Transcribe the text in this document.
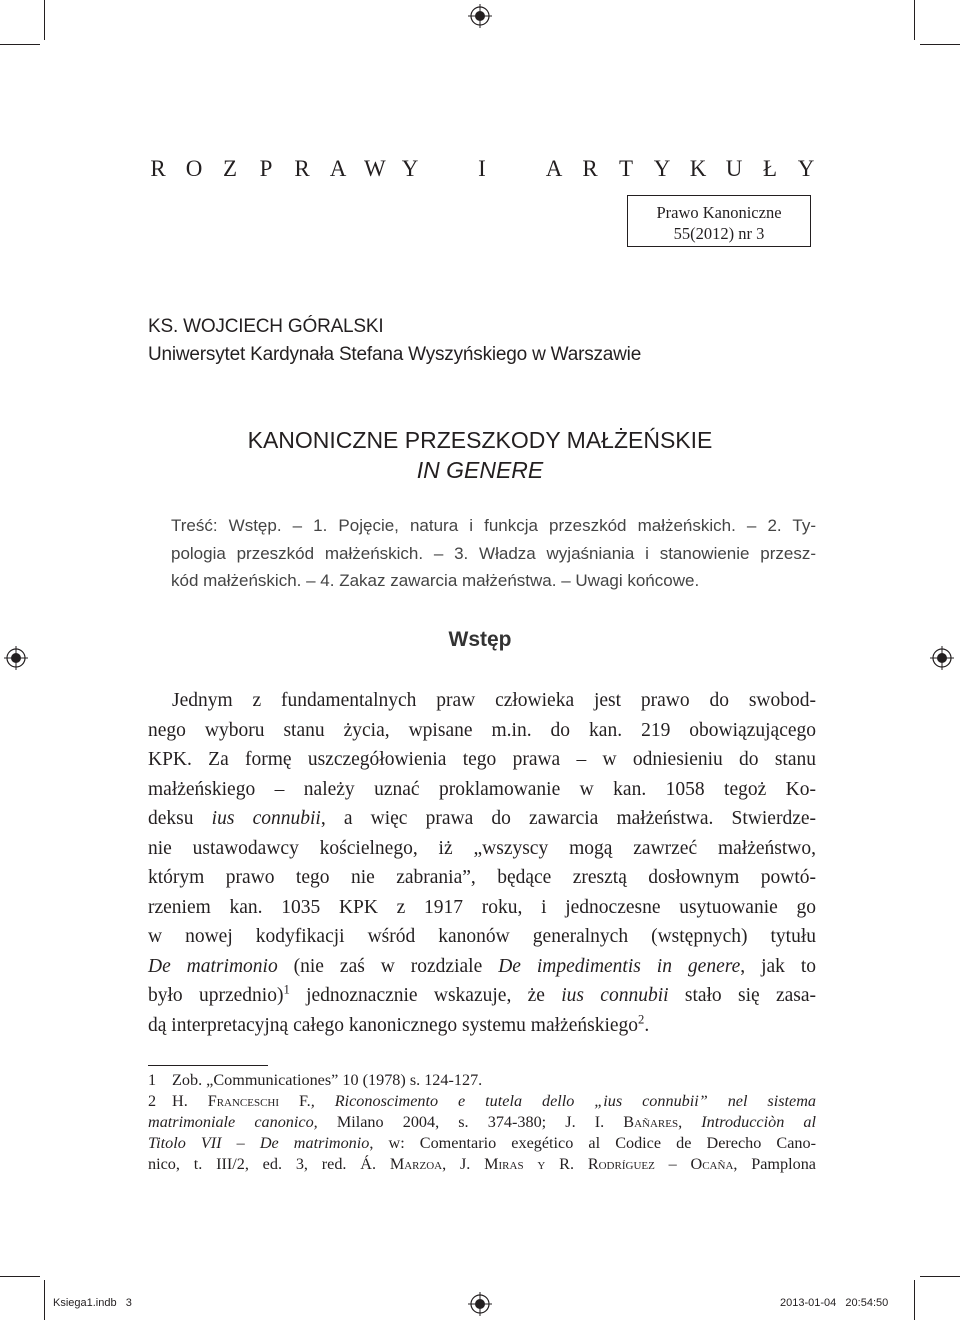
R O Z P R A W Y	I	A R T Y K U Ł Y
Prawo Kanoniczne
55(2012) nr 3
KS. WOJCIECH GÓRALSKI
Uniwersytet Kardynała Stefana Wyszyńskiego w Warszawie
KANONICZNE PRZESZKODY MAŁŻEŃSKIE
IN GENERE
Treść: Wstęp. – 1. Pojęcie, natura i funkcja przeszkód małżeńskich. – 2. Ty-
pologia przeszkód małżeńskich. – 3. Władza wyjaśniania i stanowienie przesz-
kód małżeńskich. – 4. Zakaz zawarcia małżeństwa. – Uwagi końcowe.
Wstęp
Jednym z fundamentalnych praw człowieka jest prawo do swobod-
nego wyboru stanu życia, wpisane m.in. do kan. 219 obowiązującego
KPK. Za formę uszczegółowienia tego prawa – w odniesieniu do stanu
małżeńskiego – należy uznać proklamowanie w kan. 1058 tegoż Ko-
deksu ius connubii, a więc prawa do zawarcia małżeństwa. Stwierdze-
nie ustawodawcy kościelnego, iż „wszyscy mogą zawrzeć małżeństwo,
którym prawo tego nie zabrania”, będące zresztą dosłownym powtó-
rzeniem kan. 1035 KPK z 1917 roku, i jednoczesne usytuowanie go
w nowej kodyfikacji wśród kanonów generalnych (wstępnych) tytułu
De matrimonio (nie zaś w rozdziale De impedimentis in genere, jak to
było uprzednio)$^1$ jednoznacznie wskazuje, że ius connubii stało się zasa-
dą interpretacyjną całego kanonicznego systemu małżeńskiego$^2$.
1 Zob. „Communicationes” 10 (1978) s. 124-127.
2 H. Franceschi F., Riconoscimento e tutela dello „ius connubii” nel sistema
matrimoniale canonico, Milano 2004, s. 374-380; J. I. Bañares, Introducciòn al
Titolo VII – De matrimonio, w: Comentario exegético al Codice de Derecho Cano-
nico, t. III/2, ed. 3, red. Á. Marzoa, J. Miras y R. Rodríguez – Ocaña, Pamplona
Ksiega1.indb   3	2013-01-04   20:54:50
